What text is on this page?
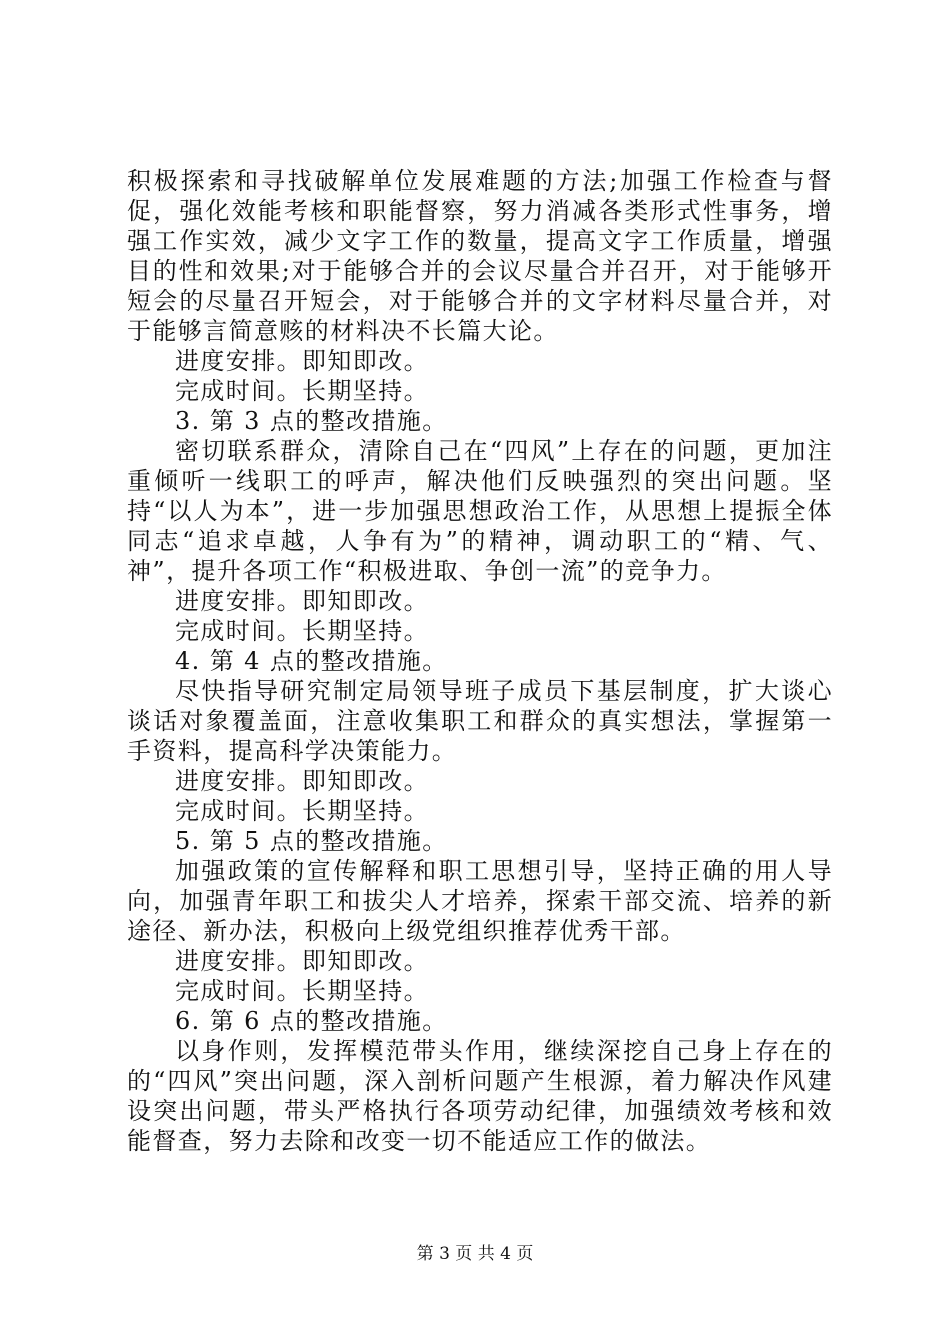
积极探索和寻找破解单位发展难题的方法;加强工作检查与督促，强化效能考核和职能督察，努力消减各类形式性事务，增强工作实效，减少文字工作的数量，提高文字工作质量，增强目的性和效果;对于能够合并的会议尽量合并召开，对于能够开短会的尽量召开短会，对于能够合并的文字材料尽量合并，对于能够言简意赅的材料决不长篇大论。

进度安排。即知即改。

完成时间。长期坚持。

3. 第 3 点的整改措施。

密切联系群众，清除自己在“四风”上存在的问题，更加注重倾听一线职工的呼声，解决他们反映强烈的突出问题。坚持“以人为本”，进一步加强思想政治工作，从思想上提振全体同志“追求卓越，人争有为”的精神，调动职工的“精、气、神”，提升各项工作“积极进取、争创一流”的竞争力。

进度安排。即知即改。

完成时间。长期坚持。

4. 第 4 点的整改措施。

尽快指导研究制定局领导班子成员下基层制度，扩大谈心谈话对象覆盖面，注意收集职工和群众的真实想法，掌握第一手资料，提高科学决策能力。

进度安排。即知即改。

完成时间。长期坚持。

5. 第 5 点的整改措施。

加强政策的宣传解释和职工思想引导，坚持正确的用人导向，加强青年职工和拔尖人才培养，探索干部交流、培养的新途径、新办法，积极向上级党组织推荐优秀干部。

进度安排。即知即改。

完成时间。长期坚持。

6. 第 6 点的整改措施。

以身作则，发挥模范带头作用，继续深挖自己身上存在的的“四风”突出问题，深入剖析问题产生根源，着力解决作风建设突出问题，带头严格执行各项劳动纪律，加强绩效考核和效能督查，努力去除和改变一切不能适应工作的做法。

第 3 页 共 4 页
